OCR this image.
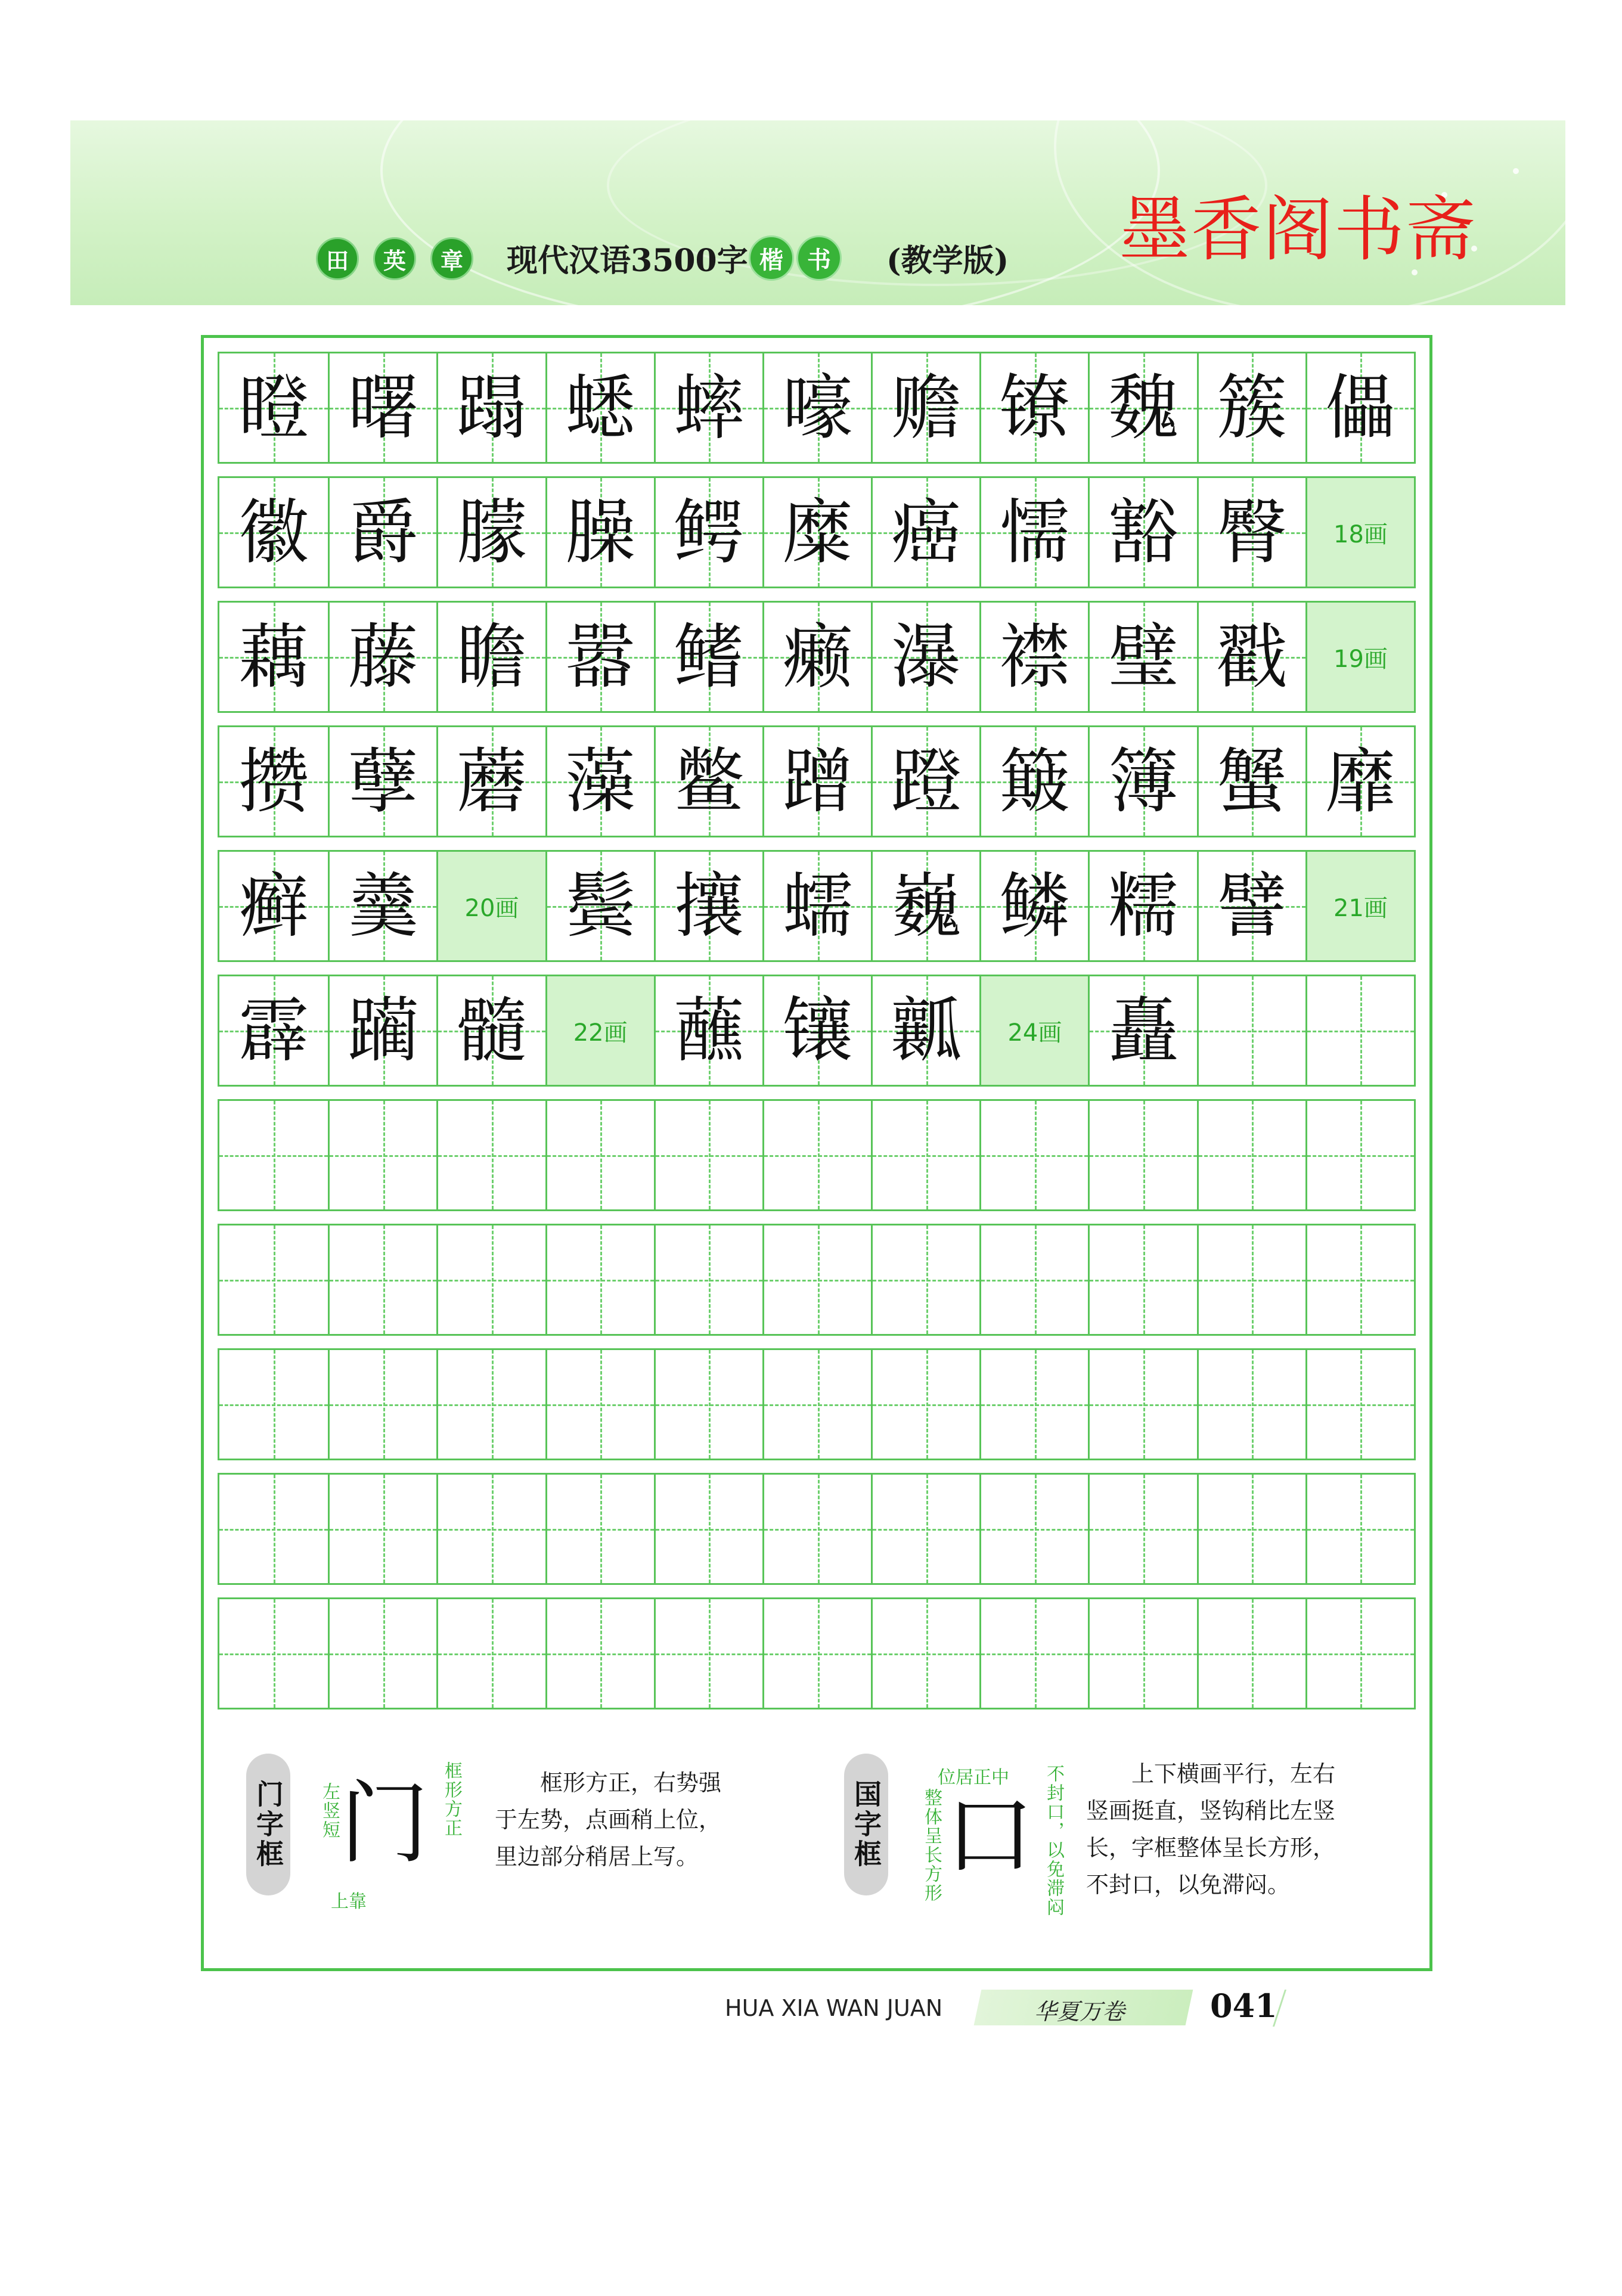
田	英	章	现代汉语3500字 楷	书	(教学版) 墨香阁书斋
瞪 曙 蹋 蟋 蟀 嚎 赡 镣 魏 簇 儡
徽 爵 朦 臊 鳄 糜 癌 懦 豁 臀 18画
藕 藤 瞻 嚣 鳍 癞 瀑 襟 璧 戳 19画
攒 孽 蘑 藻 鳖 蹭 蹬 簸 簿 蟹 靡
癣 羹 20画 鬓 攘 蠕 巍 鳞 糯 譬 21画
霹 躏 髓 22画 蘸 镶 瓤 24画 矗
门字框 左竖短 门 框形方正
上靠
框形方正，右势强
于左势，点画稍上位，
里边部分稍居上写。	国字框
位居正中
整体呈长方形 口 不封口，以免滞闷	上下横画平行，左右
竖画挺直，竖钩稍比左竖
长，字框整体呈长方形，
不封口，以免滞闷。
HUA XIA WAN JUAN	华夏万卷	041
